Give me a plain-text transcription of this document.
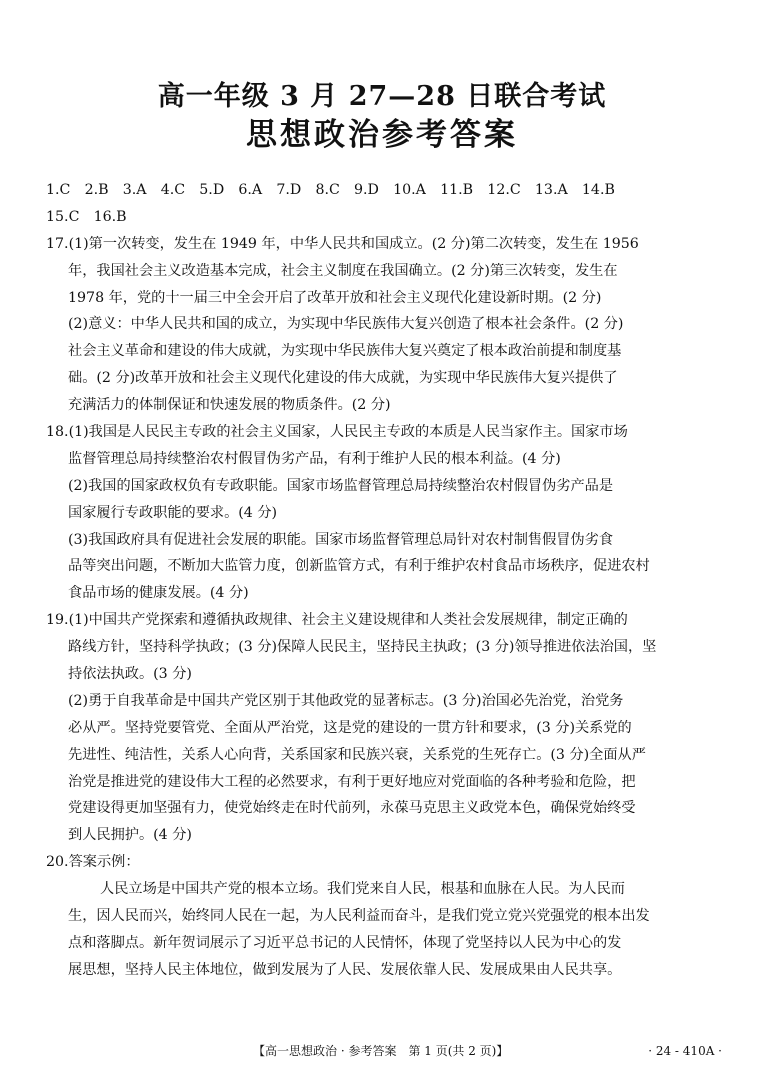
高一年级 3 月 27—28 日联合考试
思想政治参考答案
1.C　2.B　3.A　4.C　5.D　6.A　7.D　8.C　9.D　10.A　11.B　12.C　13.A　14.B
15.C　16.B
17.(1)第一次转变，发生在 1949 年，中华人民共和国成立。(2 分)第二次转变，发生在 1956
年，我国社会主义改造基本完成，社会主义制度在我国确立。(2 分)第三次转变，发生在
1978 年，党的十一届三中全会开启了改革开放和社会主义现代化建设新时期。(2 分)
(2)意义：中华人民共和国的成立，为实现中华民族伟大复兴创造了根本社会条件。(2 分)
社会主义革命和建设的伟大成就，为实现中华民族伟大复兴奠定了根本政治前提和制度基
础。(2 分)改革开放和社会主义现代化建设的伟大成就，为实现中华民族伟大复兴提供了
充满活力的体制保证和快速发展的物质条件。(2 分)
18.(1)我国是人民民主专政的社会主义国家，人民民主专政的本质是人民当家作主。国家市场
监督管理总局持续整治农村假冒伪劣产品，有利于维护人民的根本利益。(4 分)
(2)我国的国家政权负有专政职能。国家市场监督管理总局持续整治农村假冒伪劣产品是
国家履行专政职能的要求。(4 分)
(3)我国政府具有促进社会发展的职能。国家市场监督管理总局针对农村制售假冒伪劣食
品等突出问题，不断加大监管力度，创新监管方式，有利于维护农村食品市场秩序，促进农村
食品市场的健康发展。(4 分)
19.(1)中国共产党探索和遵循执政规律、社会主义建设规律和人类社会发展规律，制定正确的
路线方针，坚持科学执政；(3 分)保障人民民主，坚持民主执政；(3 分)领导推进依法治国，坚
持依法执政。(3 分)
(2)勇于自我革命是中国共产党区别于其他政党的显著标志。(3 分)治国必先治党，治党务
必从严。坚持党要管党、全面从严治党，这是党的建设的一贯方针和要求，(3 分)关系党的
先进性、纯洁性，关系人心向背，关系国家和民族兴衰，关系党的生死存亡。(3 分)全面从严
治党是推进党的建设伟大工程的必然要求，有利于更好地应对党面临的各种考验和危险，把
党建设得更加坚强有力，使党始终走在时代前列，永葆马克思主义政党本色，确保党始终受
到人民拥护。(4 分)
20.答案示例：
人民立场是中国共产党的根本立场。我们党来自人民，根基和血脉在人民。为人民而
生，因人民而兴，始终同人民在一起，为人民利益而奋斗，是我们党立党兴党强党的根本出发
点和落脚点。新年贺词展示了习近平总书记的人民情怀，体现了党坚持以人民为中心的发
展思想，坚持人民主体地位，做到发展为了人民、发展依靠人民、发展成果由人民共享。
【高一思想政治 · 参考答案　第 1 页(共 2 页)】	· 24 - 410A ·
